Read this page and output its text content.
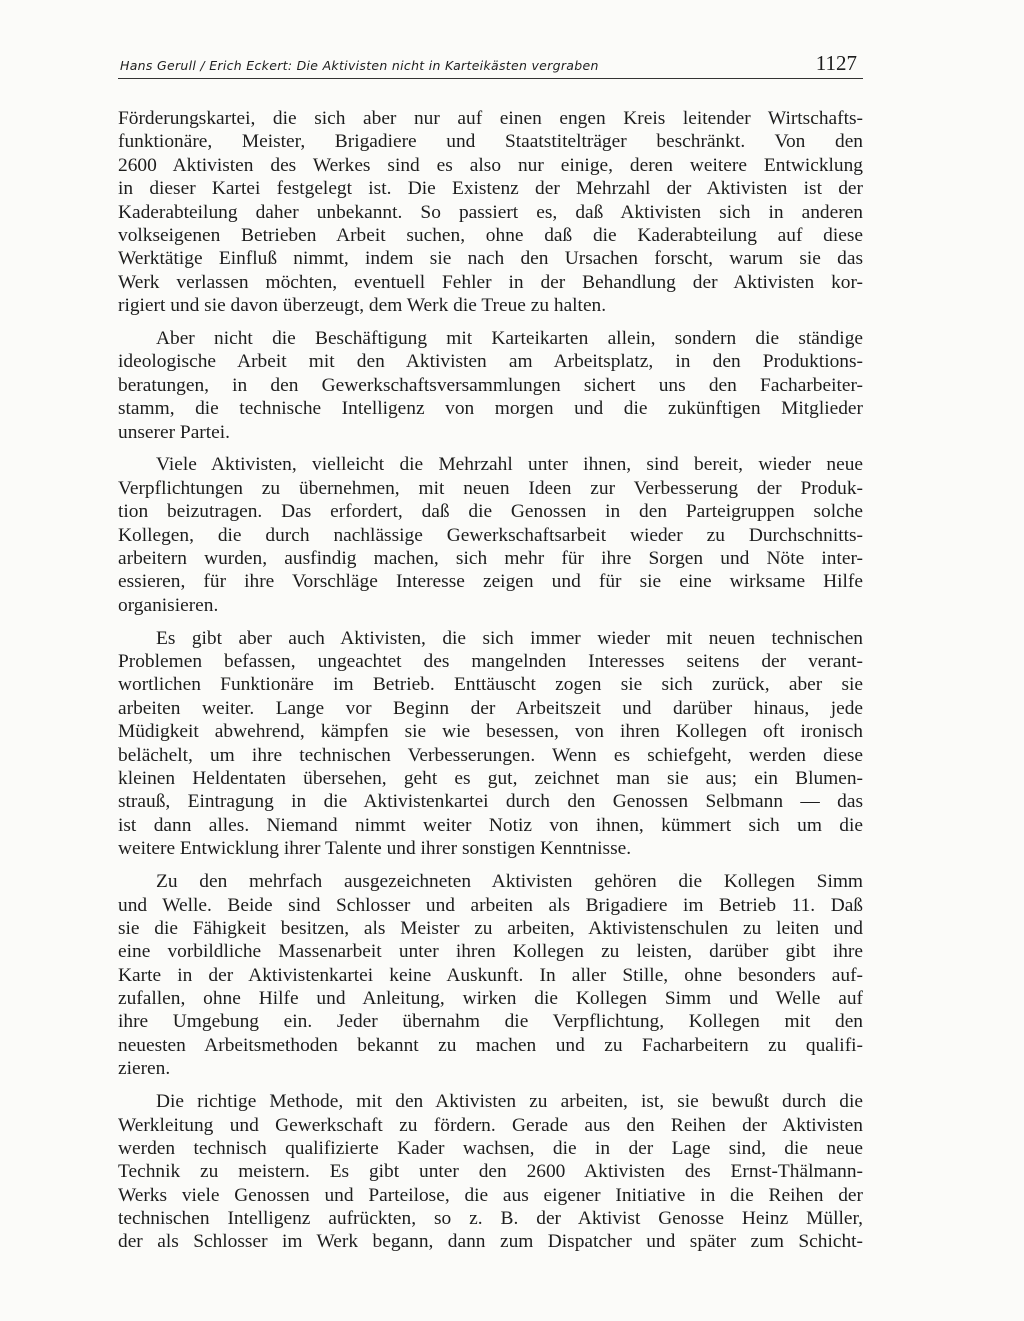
Hans Gerull / Erich Eckert: Die Aktivisten nicht in Karteikästen vergraben	1127
Förderungskartei, die sich aber nur auf einen engen Kreis leitender Wirtschafts-
funktionäre, Meister, Brigadiere und Staatstitelträger beschränkt. Von den
2600 Aktivisten des Werkes sind es also nur einige, deren weitere Entwicklung
in dieser Kartei festgelegt ist. Die Existenz der Mehrzahl der Aktivisten ist der
Kaderabteilung daher unbekannt. So passiert es, daß Aktivisten sich in anderen
volkseigenen Betrieben Arbeit suchen, ohne daß die Kaderabteilung auf diese
Werktätige Einfluß nimmt, indem sie nach den Ursachen forscht, warum sie das
Werk verlassen möchten, eventuell Fehler in der Behandlung der Aktivisten kor-
rigiert und sie davon überzeugt, dem Werk die Treue zu halten.
Aber nicht die Beschäftigung mit Karteikarten allein, sondern die ständige
ideologische Arbeit mit den Aktivisten am Arbeitsplatz, in den Produktions-
beratungen, in den Gewerkschaftsversammlungen sichert uns den Facharbeiter-
stamm, die technische Intelligenz von morgen und die zukünftigen Mitglieder
unserer Partei.
Viele Aktivisten, vielleicht die Mehrzahl unter ihnen, sind bereit, wieder neue
Verpflichtungen zu übernehmen, mit neuen Ideen zur Verbesserung der Produk-
tion beizutragen. Das erfordert, daß die Genossen in den Parteigruppen solche
Kollegen, die durch nachlässige Gewerkschaftsarbeit wieder zu Durchschnitts-
arbeitern wurden, ausfindig machen, sich mehr für ihre Sorgen und Nöte inter-
essieren, für ihre Vorschläge Interesse zeigen und für sie eine wirksame Hilfe
organisieren.
Es gibt aber auch Aktivisten, die sich immer wieder mit neuen technischen
Problemen befassen, ungeachtet des mangelnden Interesses seitens der verant-
wortlichen Funktionäre im Betrieb. Enttäuscht zogen sie sich zurück, aber sie
arbeiten weiter. Lange vor Beginn der Arbeitszeit und darüber hinaus, jede
Müdigkeit abwehrend, kämpfen sie wie besessen, von ihren Kollegen oft ironisch
belächelt, um ihre technischen Verbesserungen. Wenn es schiefgeht, werden diese
kleinen Heldentaten übersehen, geht es gut, zeichnet man sie aus; ein Blumen-
strauß, Eintragung in die Aktivistenkartei durch den Genossen Selbmann — das
ist dann alles. Niemand nimmt weiter Notiz von ihnen, kümmert sich um die
weitere Entwicklung ihrer Talente und ihrer sonstigen Kenntnisse.
Zu den mehrfach ausgezeichneten Aktivisten gehören die Kollegen Simm
und Welle. Beide sind Schlosser und arbeiten als Brigadiere im Betrieb 11. Daß
sie die Fähigkeit besitzen, als Meister zu arbeiten, Aktivistenschulen zu leiten und
eine vorbildliche Massenarbeit unter ihren Kollegen zu leisten, darüber gibt ihre
Karte in der Aktivistenkartei keine Auskunft. In aller Stille, ohne besonders auf-
zufallen, ohne Hilfe und Anleitung, wirken die Kollegen Simm und Welle auf
ihre Umgebung ein. Jeder übernahm die Verpflichtung, Kollegen mit den
neuesten Arbeitsmethoden bekannt zu machen und zu Facharbeitern zu qualifi-
zieren.
Die richtige Methode, mit den Aktivisten zu arbeiten, ist, sie bewußt durch die
Werkleitung und Gewerkschaft zu fördern. Gerade aus den Reihen der Aktivisten
werden technisch qualifizierte Kader wachsen, die in der Lage sind, die neue
Technik zu meistern. Es gibt unter den 2600 Aktivisten des Ernst-Thälmann-
Werks viele Genossen und Parteilose, die aus eigener Initiative in die Reihen der
technischen Intelligenz aufrückten, so z. B. der Aktivist Genosse Heinz Müller,
der als Schlosser im Werk begann, dann zum Dispatcher und später zum Schicht-
